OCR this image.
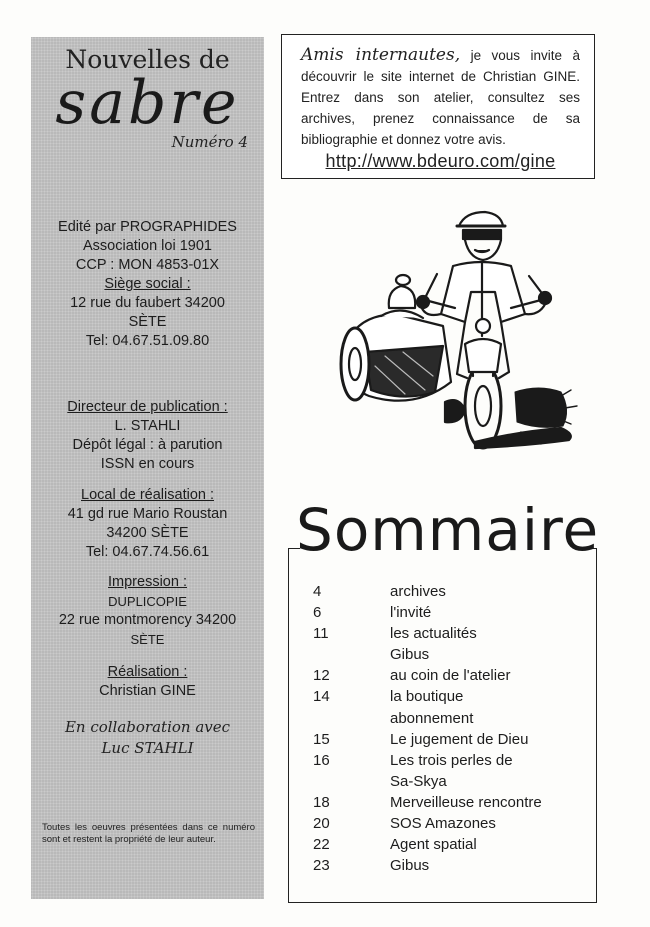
Nouvelles de
sabre
Numéro 4
Edité par PROGRAPHIDES
Association loi 1901
CCP : MON 4853-01X
Siège social :
12 rue du faubert 34200
SÈTE
Tel: 04.67.51.09.80
Directeur de publication :
L. STAHLI
Dépôt légal : à parution
ISSN en cours
Local de réalisation :
41 gd rue Mario Roustan
34200 SÈTE
Tel: 04.67.74.56.61
Impression :
DUPLICOPIE
22 rue montmorency 34200
SÈTE
Réalisation :
Christian GINE
En collaboration avec
Luc STAHLI
Toutes les oeuvres présentées dans ce numéro sont et restent la propriété de leur auteur.
Amis internautes, je vous invite à découvrir le site internet de Christian GINE. Entrez dans son atelier, consultez ses archives, prenez connaissance de sa bibliographie et donnez votre avis.
http://www.bdeuro.com/gine
Sommaire
4	archives
6	l'invité
11	les actualités
Gibus
12	au coin de l'atelier
14	la boutique
abonnement
15	Le jugement de Dieu
16	Les trois perles de
Sa-Skya
18	Merveilleuse rencontre
20	SOS Amazones
22	Agent spatial
23	Gibus
